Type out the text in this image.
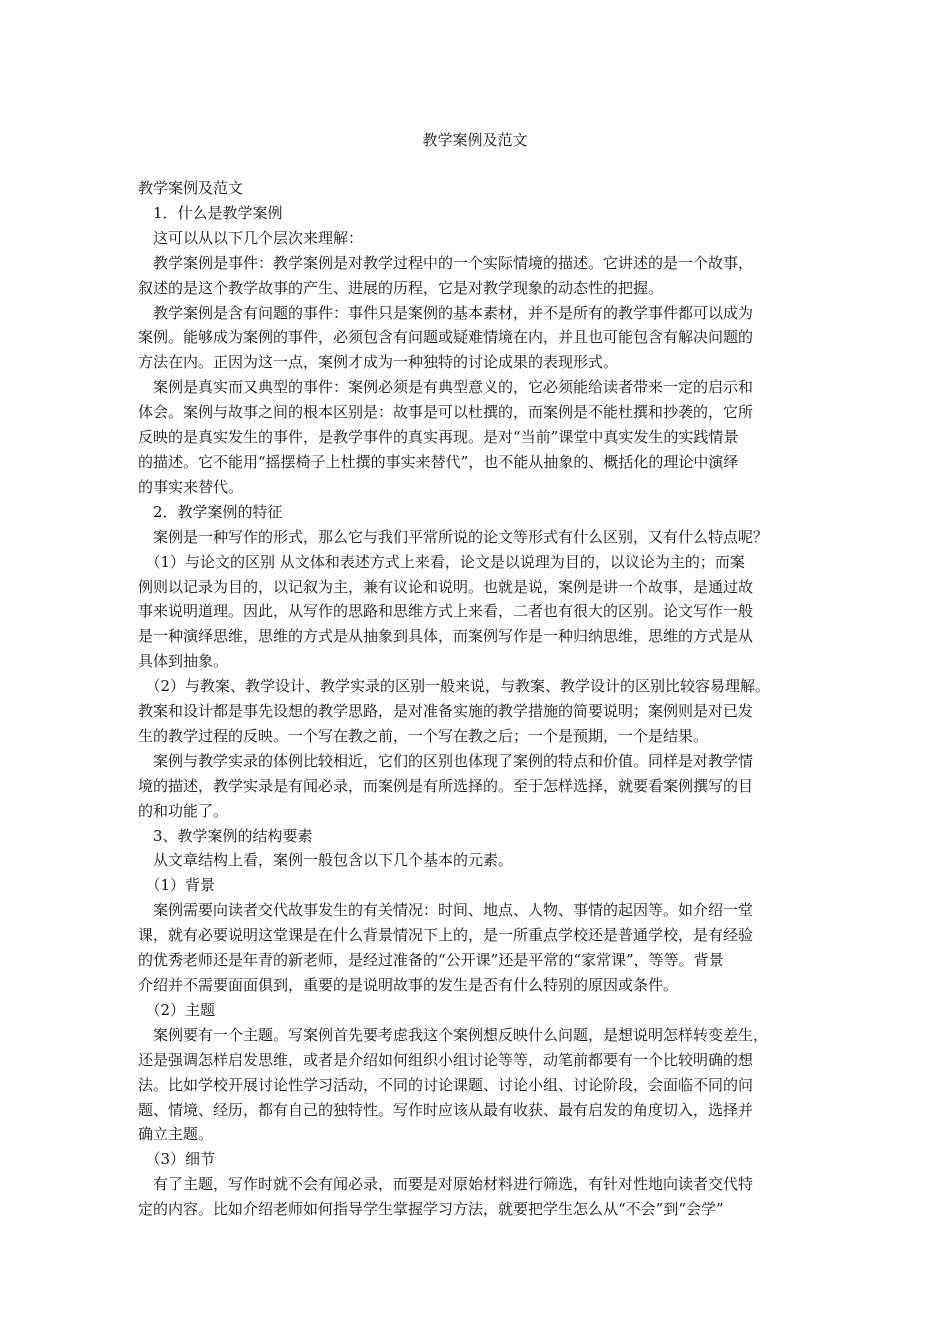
教学案例及范文

教学案例及范文

　1．什么是教学案例

　这可以从以下几个层次来理解：

　教学案例是事件：教学案例是对教学过程中的一个实际情境的描述。它讲述的是一个故事，

叙述的是这个教学故事的产生、进展的历程，它是对教学现象的动态性的把握。

　教学案例是含有问题的事件：事件只是案例的基本素材，并不是所有的教学事件都可以成为

案例。能够成为案例的事件，必须包含有问题或疑难情境在内，并且也可能包含有解决问题的

方法在内。正因为这一点，案例才成为一种独特的讨论成果的表现形式。

　案例是真实而又典型的事件：案例必须是有典型意义的，它必须能给读者带来一定的启示和

体会。案例与故事之间的根本区别是：故事是可以杜撰的，而案例是不能杜撰和抄袭的，它所

反映的是真实发生的事件，是教学事件的真实再现。是对“当前”课堂中真实发生的实践情景

的描述。它不能用“摇摆椅子上杜撰的事实来替代”，也不能从抽象的、概括化的理论中演绎

的事实来替代。

　2．教学案例的特征

　案例是一种写作的形式，那么它与我们平常所说的论文等形式有什么区别，又有什么特点呢？

　（1）与论文的区别 从文体和表述方式上来看，论文是以说理为目的，以议论为主的；而案

例则以记录为目的，以记叙为主，兼有议论和说明。也就是说，案例是讲一个故事，是通过故

事来说明道理。因此，从写作的思路和思维方式上来看，二者也有很大的区别。论文写作一般

是一种演绎思维，思维的方式是从抽象到具体，而案例写作是一种归纳思维，思维的方式是从

具体到抽象。

　（2）与教案、教学设计、教学实录的区别一般来说，与教案、教学设计的区别比较容易理解。

教案和设计都是事先设想的教学思路，是对准备实施的教学措施的简要说明；案例则是对已发

生的教学过程的反映。一个写在教之前，一个写在教之后；一个是预期，一个是结果。

　案例与教学实录的体例比较相近，它们的区别也体现了案例的特点和价值。同样是对教学情

境的描述，教学实录是有闻必录，而案例是有所选择的。至于怎样选择，就要看案例撰写的目

的和功能了。

　3、教学案例的结构要素

　从文章结构上看，案例一般包含以下几个基本的元素。

　（1）背景

　案例需要向读者交代故事发生的有关情况：时间、地点、人物、事情的起因等。如介绍一堂

课，就有必要说明这堂课是在什么背景情况下上的，是一所重点学校还是普通学校，是有经验

的优秀老师还是年青的新老师，是经过准备的“公开课”还是平常的“家常课”，等等。背景

介绍并不需要面面俱到，重要的是说明故事的发生是否有什么特别的原因或条件。

　（2）主题

　案例要有一个主题。写案例首先要考虑我这个案例想反映什么问题，是想说明怎样转变差生，

还是强调怎样启发思维，或者是介绍如何组织小组讨论等等，动笔前都要有一个比较明确的想

法。比如学校开展讨论性学习活动，不同的讨论课题、讨论小组、讨论阶段，会面临不同的问

题、情境、经历，都有自己的独特性。写作时应该从最有收获、最有启发的角度切入，选择并

确立主题。

　（3）细节

　有了主题，写作时就不会有闻必录，而要是对原始材料进行筛选，有针对性地向读者交代特

定的内容。比如介绍老师如何指导学生掌握学习方法，就要把学生怎么从“不会”到“会学”
